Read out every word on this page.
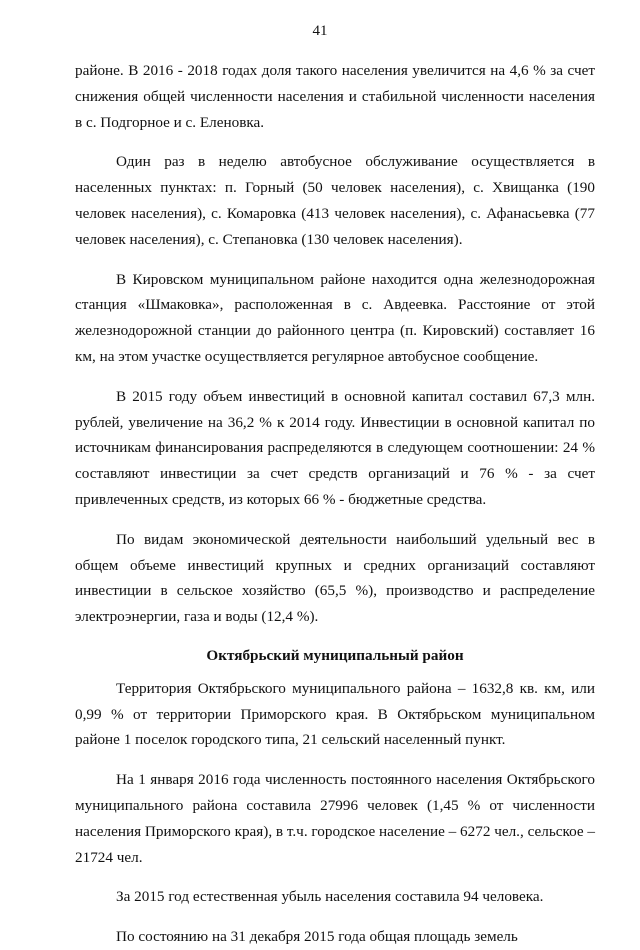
41

районе. В 2016 - 2018 годах доля такого населения увеличится на 4,6 % за счет снижения общей численности населения и стабильной численности населения в с. Подгорное и с. Еленовка.

Один раз в неделю автобусное обслуживание осуществляется в населенных пунктах: п. Горный (50 человек населения), с. Хвищанка (190 человек населения), с. Комаровка (413 человек населения), с. Афанасьевка (77 человек населения), с. Степановка (130 человек населения).

В Кировском муниципальном районе находится одна железнодорожная станция «Шмаковка», расположенная в с. Авдеевка. Расстояние от этой железнодорожной станции до районного центра (п. Кировский) составляет 16 км, на этом участке осуществляется регулярное автобусное сообщение.

В 2015 году объем инвестиций в основной капитал составил 67,3 млн. рублей, увеличение на 36,2 % к 2014 году. Инвестиции в основной капитал по источникам финансирования распределяются в следующем соотношении: 24 % составляют инвестиции за счет средств организаций и 76 % - за счет привлеченных средств, из которых 66 % - бюджетные средства.

По видам экономической деятельности наибольший удельный вес в общем объеме инвестиций крупных и средних организаций составляют инвестиции в сельское хозяйство (65,5 %), производство и распределение электроэнергии, газа и воды (12,4 %).

Октябрьский муниципальный район

Территория Октябрьского муниципального района – 1632,8 кв. км, или 0,99 % от территории Приморского края. В Октябрьском муниципальном районе 1 поселок городского типа, 21 сельский населенный пункт.

На 1 января 2016 года численность постоянного населения Октябрьского муниципального района составила 27996 человек (1,45 % от численности населения Приморского края), в т.ч. городское население – 6272 чел., сельское – 21724 чел.

За 2015 год естественная убыль населения составила 94 человека.

По состоянию на 31 декабря 2015 года общая площадь земель
